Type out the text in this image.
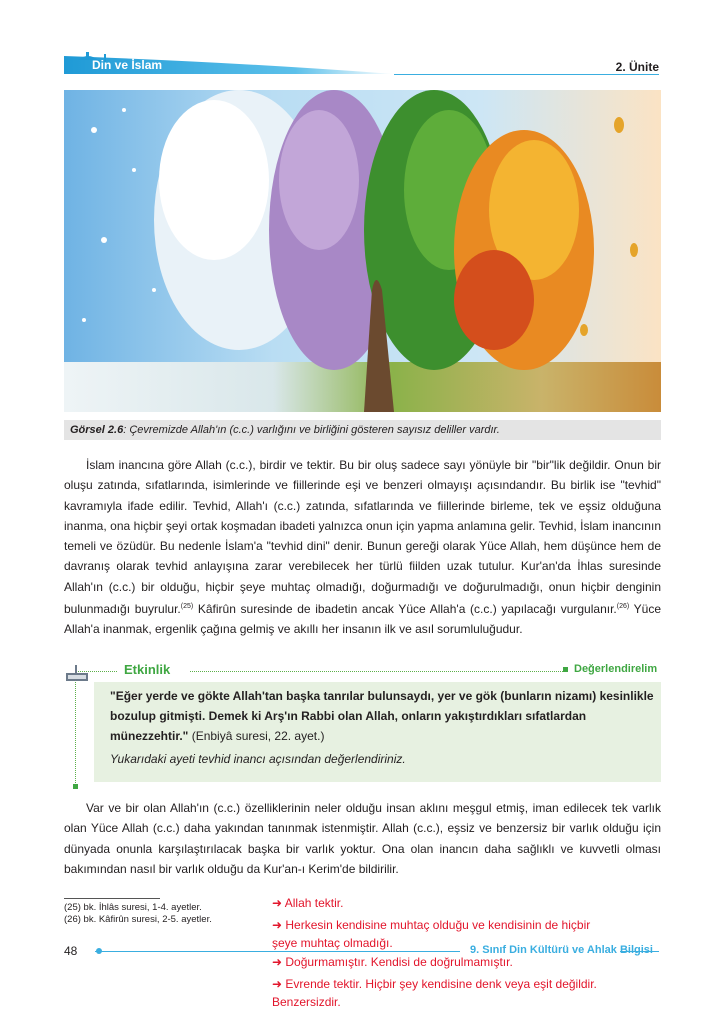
Din ve İslam	2. Ünite
Görsel 2.6: Çevremizde Allah'ın (c.c.) varlığını ve birliğini gösteren sayısız deliller vardır.
İslam inancına göre Allah (c.c.), birdir ve tektir. Bu bir oluş sadece sayı yönüyle bir "bir"lik değildir. Onun bir oluşu zatında, sıfatlarında, isimlerinde ve fiillerinde eşi ve benzeri olmayışı açısındandır. Bu birlik ise "tevhid" kavramıyla ifade edilir. Tevhid, Allah'ı (c.c.) zatında, sıfatlarında ve fiillerinde birleme, tek ve eşsiz olduğuna inanma, ona hiçbir şeyi ortak koşmadan ibadeti yalnızca onun için yapma anlamına gelir. Tevhid, İslam inancının temeli ve özüdür. Bu nedenle İslam'a "tevhid dini" denir. Bunun gereği olarak Yüce Allah, hem düşünce hem de davranış olarak tevhid anlayışına zarar verebilecek her türlü fiilden uzak tutulur. Kur'an'da İhlas suresinde Allah'ın (c.c.) bir olduğu, hiçbir şeye muhtaç olmadığı, doğurmadığı ve doğurulmadığı, onun hiçbir denginin bulunmadığı buyrulur.$^{(25)}$ Kâfirûn suresinde de ibadetin ancak Yüce Allah'a (c.c.) yapılacağı vurgulanır.$^{(26)}$ Yüce Allah'a inanmak, ergenlik çağına gelmiş ve akıllı her insanın ilk ve asıl sorumluluğudur.
Etkinlik	Değerlendirelim
"Eğer yerde ve gökte Allah'tan başka tanrılar bulunsaydı, yer ve gök (bunların nizamı) kesinlikle bozulup gitmişti. Demek ki Arş'ın Rabbi olan Allah, onların yakıştırdıkları sıfatlardan münezzehtir." (Enbiyâ suresi, 22. ayet.)
Yukarıdaki ayeti tevhid inancı açısından değerlendiriniz.
Var ve bir olan Allah'ın (c.c.) özelliklerinin neler olduğu insan aklını meşgul etmiş, iman edilecek tek varlık olan Yüce Allah (c.c.) daha yakından tanınmak istenmiştir. Allah (c.c.), eşsiz ve benzersiz bir varlık olduğu için dünyada onunla karşılaştırılacak başka bir varlık yoktur. Ona olan inancın daha sağlıklı ve kuvvetli olması bakımından nasıl bir varlık olduğu da Kur'an-ı Kerim'de bildirilir.
(25) bk. İhlâs suresi, 1-4. ayetler.
(26) bk. Kâfirûn suresi, 2-5. ayetler.
48	9. Sınıf Din Kültürü ve Ahlak Bilgisi
➜ Allah tektir.
➜ Herkesin kendisine muhtaç olduğu ve kendisinin de hiçbir şeye muhtaç olmadığı.
➜ Doğurmamıştır. Kendisi de doğrulmamıştır.
➜ Evrende tektir. Hiçbir şey kendisine denk veya eşit değildir. Benzersizdir.
